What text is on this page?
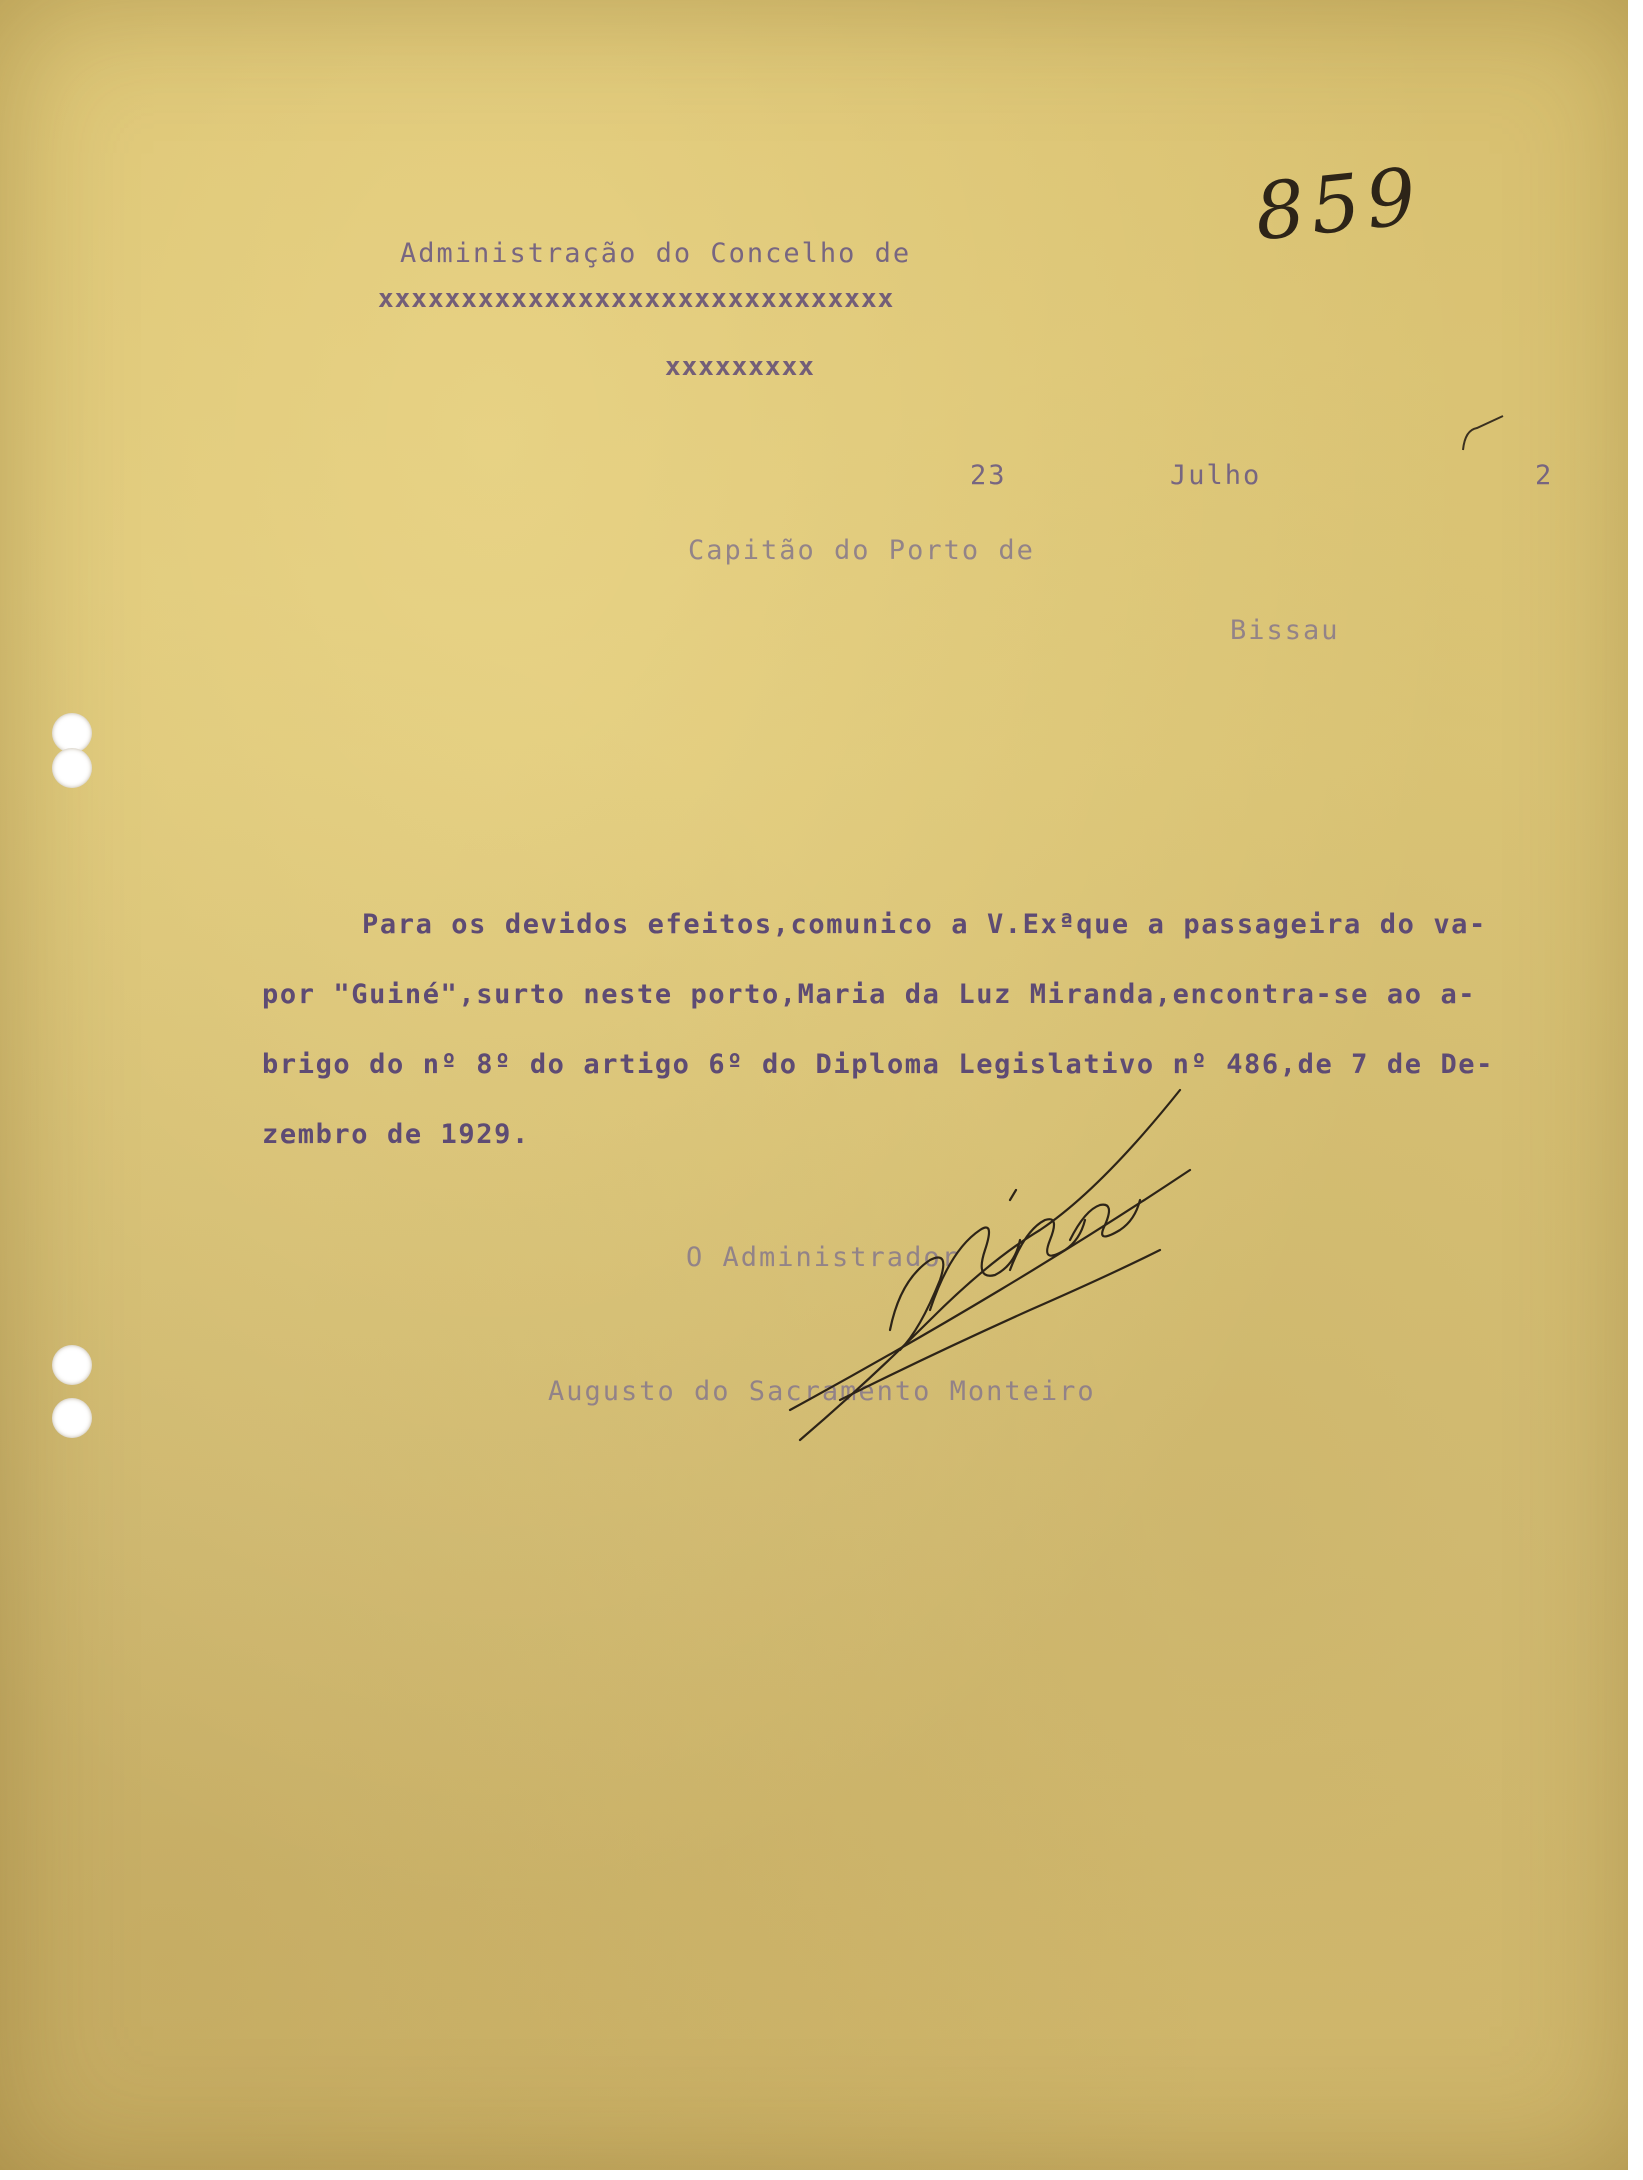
859
Administração do Concelho de
xxxxxxxxxxxxxxxxxxxxxxxxxxxxxxx
xxxxxxxxx
23	Julho	2
Capitão do Porto de
Bissau
Para os devidos efeitos,comunico a V.Exªque a passageira do va-
por "Guiné",surto neste porto,Maria da Luz Miranda,encontra-se ao a-
brigo do nº 8º do artigo 6º do Diploma Legislativo nº 486,de 7 de De-
zembro de 1929.
O Administrador
Augusto do Sacramento Monteiro
